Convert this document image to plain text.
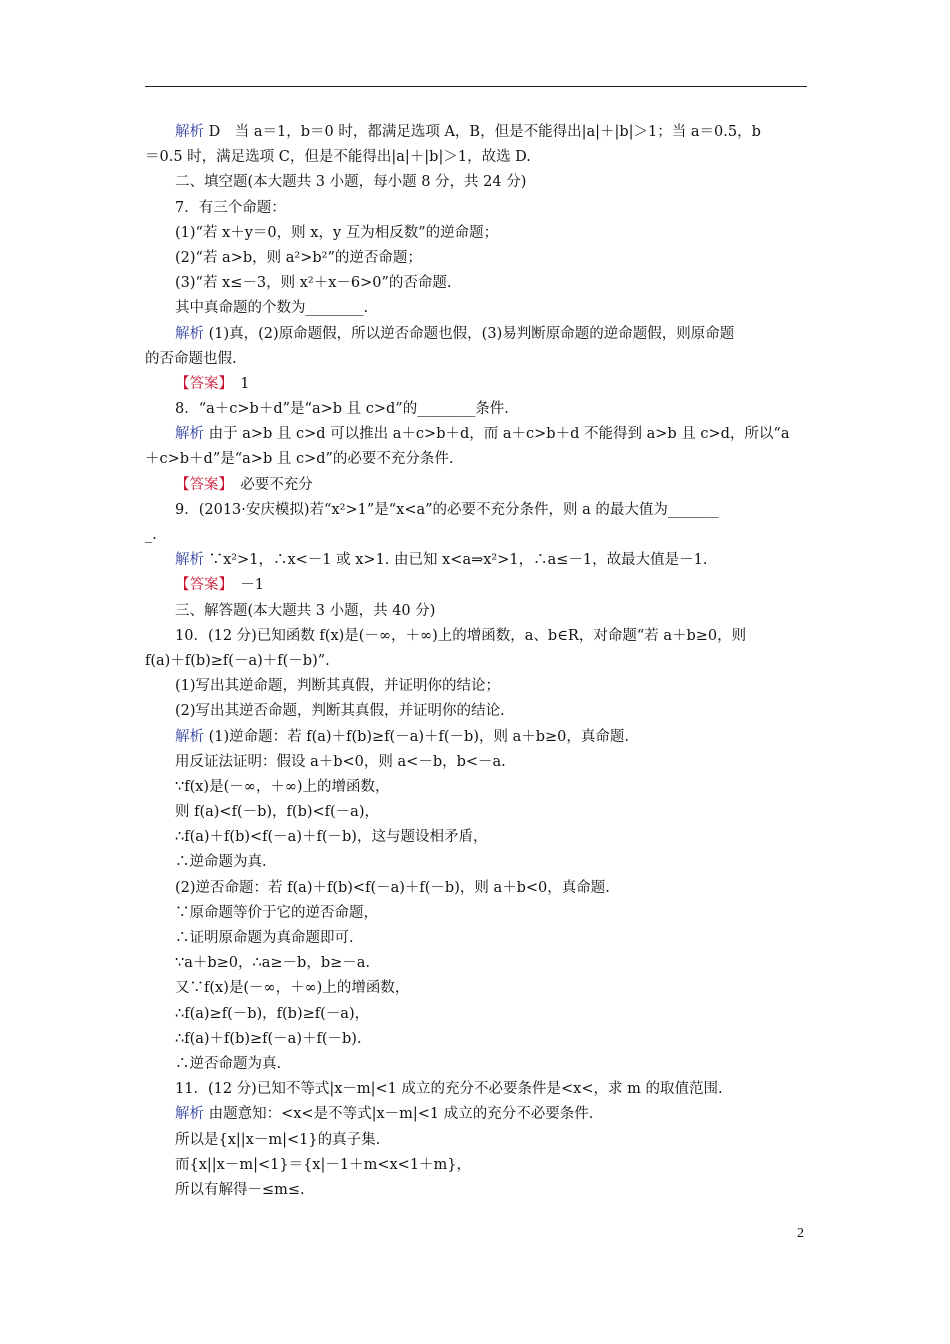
解析 D　当 a＝1，b＝0 时，都满足选项 A，B，但是不能得出|a|＋|b|＞1；当 a＝0.5，b
＝0.5 时，满足选项 C，但是不能得出|a|＋|b|＞1，故选 D.
二、填空题(本大题共 3 小题，每小题 8 分，共 24 分)
7．有三个命题：
(1)“若 x＋y＝0，则 x，y 互为相反数”的逆命题；
(2)“若 a>b，则 a²>b²”的逆否命题；
(3)“若 x≤－3，则 x²＋x－6>0”的否命题.
其中真命题的个数为________.
解析 (1)真，(2)原命题假，所以逆否命题也假，(3)易判断原命题的逆命题假，则原命题
的否命题也假.
【答案】　1
8．“a＋c>b＋d”是“a>b 且 c>d”的________条件.
解析 由于 a>b 且 c>d 可以推出 a＋c>b＋d，而 a＋c>b＋d 不能得到 a>b 且 c>d，所以“a
＋c>b＋d”是“a>b 且 c>d”的必要不充分条件.
【答案】　必要不充分
9．(2013·安庆模拟)若“x²>1”是“x<a”的必要不充分条件，则 a 的最大值为_______
_.
解析 ∵x²>1，∴x<－1 或 x>1. 由已知 x<a⇒x²>1，∴a≤－1，故最大值是－1.
【答案】　－1
三、解答题(本大题共 3 小题，共 40 分)
10．(12 分)已知函数 f(x)是(－∞，＋∞)上的增函数，a、b∈R，对命题“若 a＋b≥0，则
f(a)＋f(b)≥f(－a)＋f(－b)”.
(1)写出其逆命题，判断其真假，并证明你的结论；
(2)写出其逆否命题，判断其真假，并证明你的结论.
解析 (1)逆命题：若 f(a)＋f(b)≥f(－a)＋f(－b)，则 a＋b≥0，真命题.
用反证法证明：假设 a＋b<0，则 a<－b，b<－a.
∵f(x)是(－∞，＋∞)上的增函数，
则 f(a)<f(－b)，f(b)<f(－a)，
∴f(a)＋f(b)<f(－a)＋f(－b)，这与题设相矛盾，
∴逆命题为真.
(2)逆否命题：若 f(a)＋f(b)<f(－a)＋f(－b)，则 a＋b<0，真命题.
∵原命题等价于它的逆否命题，
∴证明原命题为真命题即可.
∵a＋b≥0，∴a≥－b，b≥－a.
又∵f(x)是(－∞，＋∞)上的增函数，
∴f(a)≥f(－b)，f(b)≥f(－a)，
∴f(a)＋f(b)≥f(－a)＋f(－b).
∴逆否命题为真.
11．(12 分)已知不等式|x－m|<1 成立的充分不必要条件是<x<，求 m 的取值范围.
解析 由题意知：<x<是不等式|x－m|<1 成立的充分不必要条件.
所以是{x||x－m|<1}的真子集.
而{x||x－m|<1}＝{x|－1＋m<x<1＋m}，
所以有解得－≤m≤.
2
